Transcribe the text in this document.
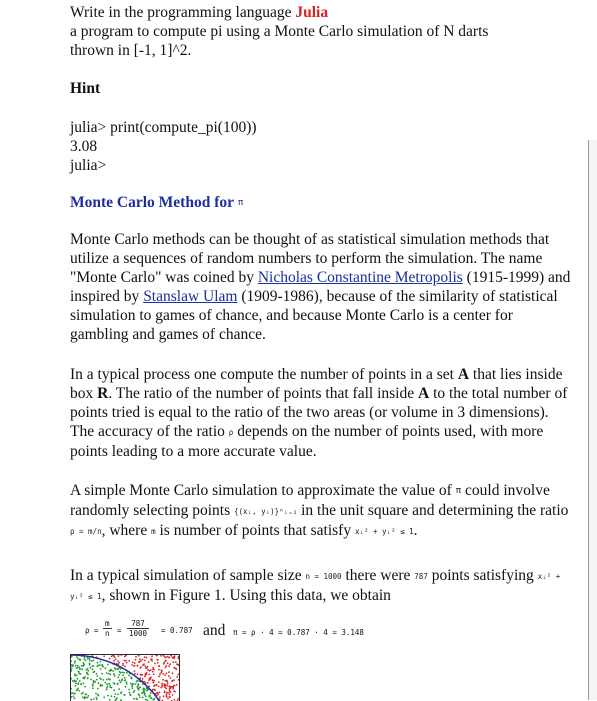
Write in the programming language Julia

a program to compute pi using a Monte Carlo simulation of N darts

thrown in [-1, 1]^2.

Hint

julia> print(compute_pi(100))

3.08

julia>

Monte Carlo Method for π

Monte Carlo methods can be thought of as statistical simulation methods that utilize a sequences of random numbers to perform the simulation. The name "Monte Carlo" was coined by Nicholas Constantine Metropolis (1915-1999) and inspired by Stanslaw Ulam (1909-1986), because of the similarity of statistical simulation to games of chance, and because Monte Carlo is a center for gambling and games of chance.

In a typical process one compute the number of points in a set A that lies inside box R. The ratio of the number of points that fall inside A to the total number of points tried is equal to the ratio of the two areas (or volume in 3 dimensions). The accuracy of the ratio ρ depends on the number of points used, with more points leading to a more accurate value.

A simple Monte Carlo simulation to approximate the value of π could involve randomly selecting points {(xᵢ, yᵢ)}ⁿᵢ₌₁ in the unit square and determining the ratio ρ = m/n, where m is number of points that satisfy xᵢ² + yᵢ² ≤ 1.

In a typical simulation of sample size n = 1000 there were 787 points satisfying xᵢ² + yᵢ² ≤ 1, shown in Figure 1. Using this data, we obtain

$\rho = \frac{m}{n} = \frac{787}{1000} = 0.787$ and π = ρ · 4 = 0.787 · 4 = 3.148
